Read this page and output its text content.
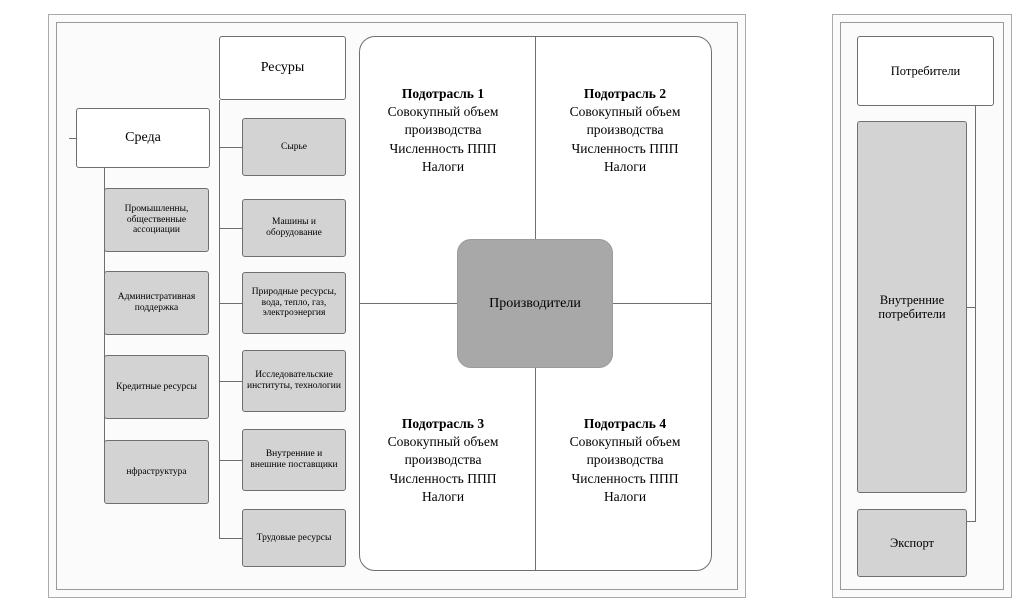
Среда
Ресуры
Промышленны, общественные ассоциации
Административная поддержка
Кредитные ресурсы
нфраструктура
Сырье
Машины и оборудование
Природные ресурсы, вода, тепло, газ, электроэнергия
Исследовательские институты, технологии
Внутренние и внешние поставщики
Трудовые ресурсы
Подотрасль 1
Совокупный объем производства
Численность ППП
Налоги
Подотрасль 2
Совокупный объем производства
Численность ППП
Налоги
Подотрасль 3
Совокупный объем производства
Численность ППП
Налоги
Подотрасль 4
Совокупный объем производства
Численность ППП
Налоги
Производители
Потребители
Внутренние потребители
Экспорт
